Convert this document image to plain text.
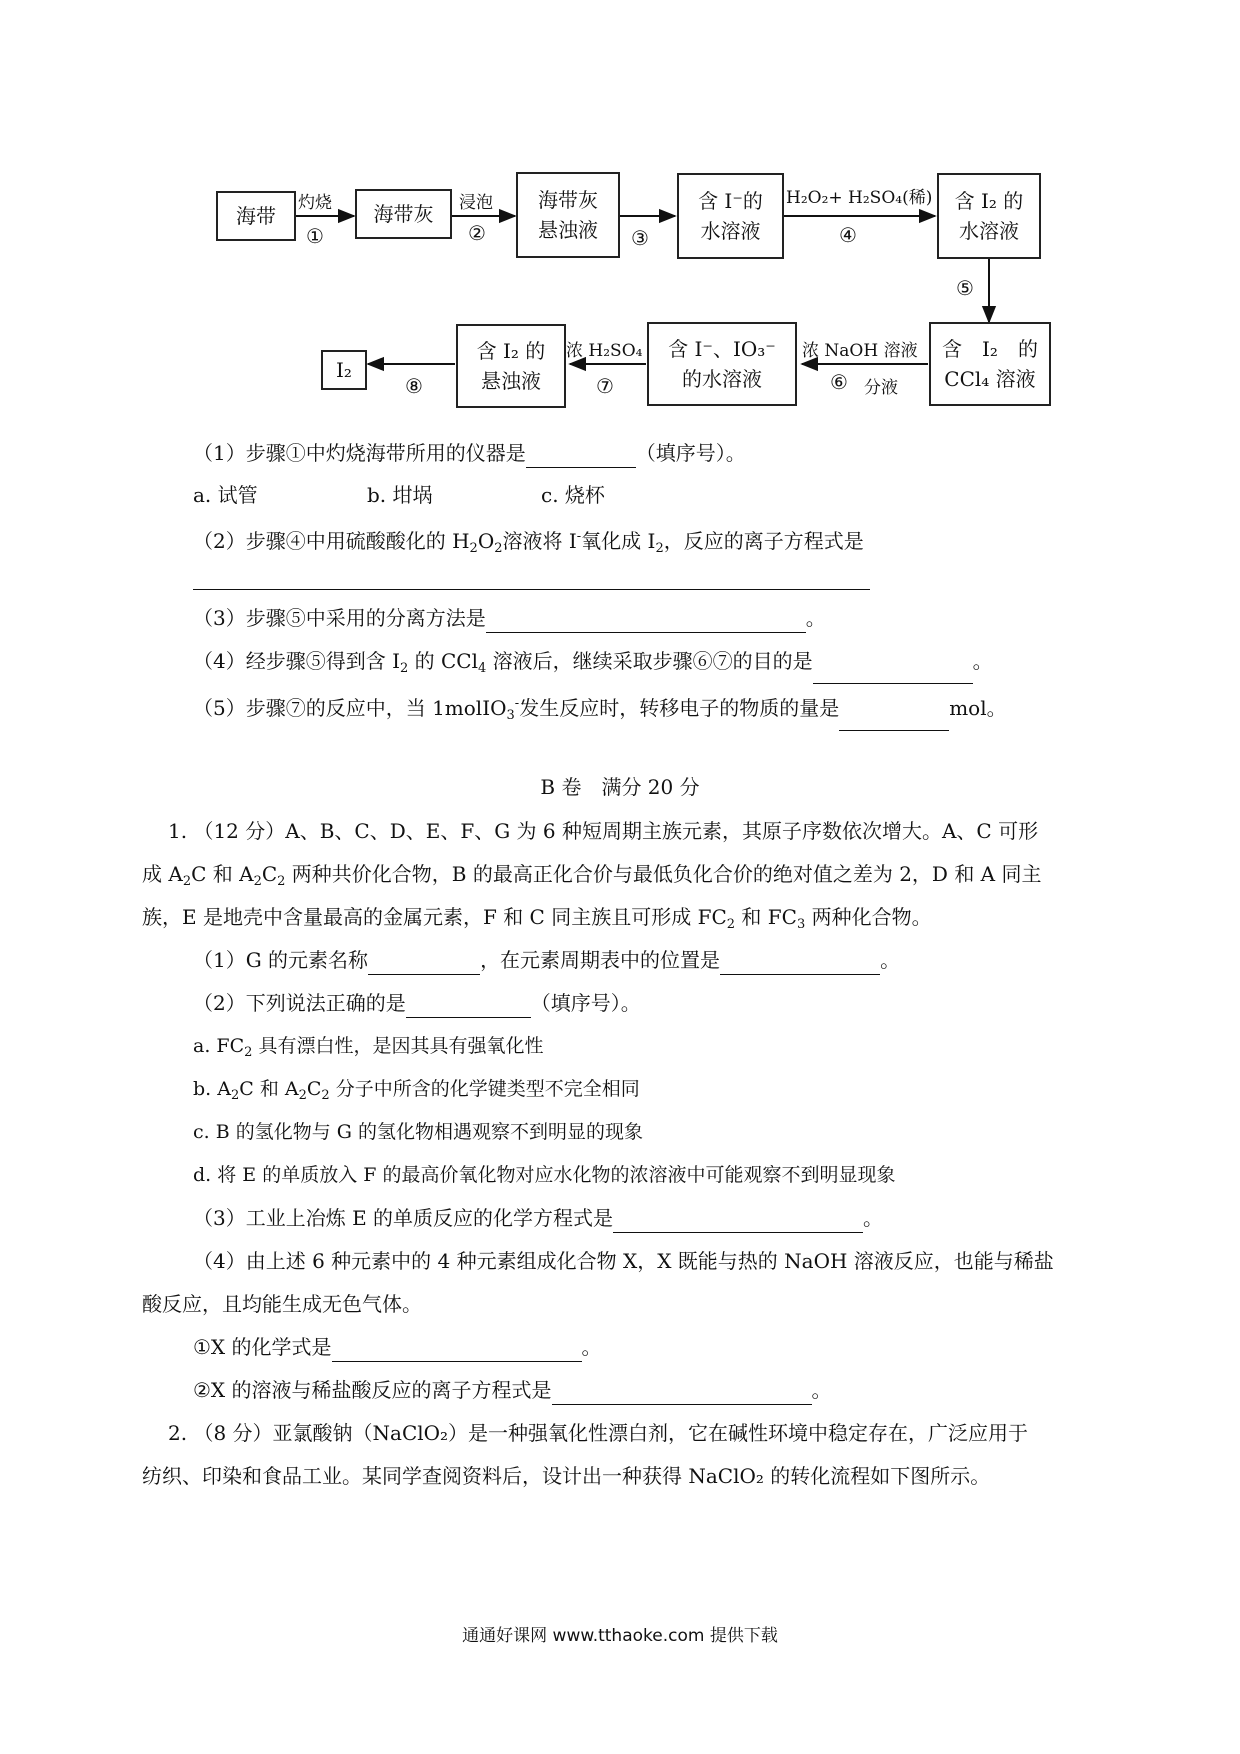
海带	海带灰
海带灰
悬浊液
含 I⁻的
水溶液
含 I₂ 的
水溶液
含　I₂　的
CCl₄ 溶液
含 I⁻、IO₃⁻
的水溶液
含 I₂ 的
悬浊液
I₂
灼烧
①
浸泡
②	③
H₂O₂+ H₂SO₄(稀)
④
⑤
浓 NaOH 溶液
⑥ 分液
浓 H₂SO₄
⑦
⑧
（1）步骤①中灼烧海带所用的仪器是	（填序号）。
a. 试管	b. 坩埚	c. 烧杯
（2）步骤④中用硫酸酸化的 $H_2O_2$溶液将 I-氧化成 $I_2$，反应的离子方程式是
（3）步骤⑤中采用的分离方法是	。
（4）经步骤⑤得到含 $I_2$ 的 CCl$_4$ 溶液后，继续采取步骤⑥⑦的目的是	。
（5）步骤⑦的反应中，当 1molIO$_3$-发生反应时，转移电子的物质的量是	mol。
B 卷　满分 20 分
1. （12 分）A、B、C、D、E、F、G 为 6 种短周期主族元素，其原子序数依次增大。A、C 可形
成 $A_2C$ 和 $A_2C_2$ 两种共价化合物，B 的最高正化合价与最低负化合价的绝对值之差为 2，D 和 A 同主
族，E 是地壳中含量最高的金属元素，F 和 C 同主族且可形成 $FC_2$ 和 $FC_3$ 两种化合物。
（1）G 的元素名称	，在元素周期表中的位置是	。
（2）下列说法正确的是	（填序号）。
a. $FC_2$ 具有漂白性，是因其具有强氧化性
b. $A_2C$ 和 $A_2C_2$ 分子中所含的化学键类型不完全相同
c. B 的氢化物与 G 的氢化物相遇观察不到明显的现象
d. 将 E 的单质放入 F 的最高价氧化物对应水化物的浓溶液中可能观察不到明显现象
（3）工业上冶炼 E 的单质反应的化学方程式是	。
（4）由上述 6 种元素中的 4 种元素组成化合物 X，X 既能与热的 NaOH 溶液反应，也能与稀盐
酸反应，且均能生成无色气体。
①X 的化学式是	。
②X 的溶液与稀盐酸反应的离子方程式是	。
2. （8 分）亚氯酸钠（NaClO₂）是一种强氧化性漂白剂，它在碱性环境中稳定存在，广泛应用于
纺织、印染和食品工业。某同学查阅资料后，设计出一种获得 NaClO₂ 的转化流程如下图所示。
通通好课网 www.tthaoke.com 提供下载
